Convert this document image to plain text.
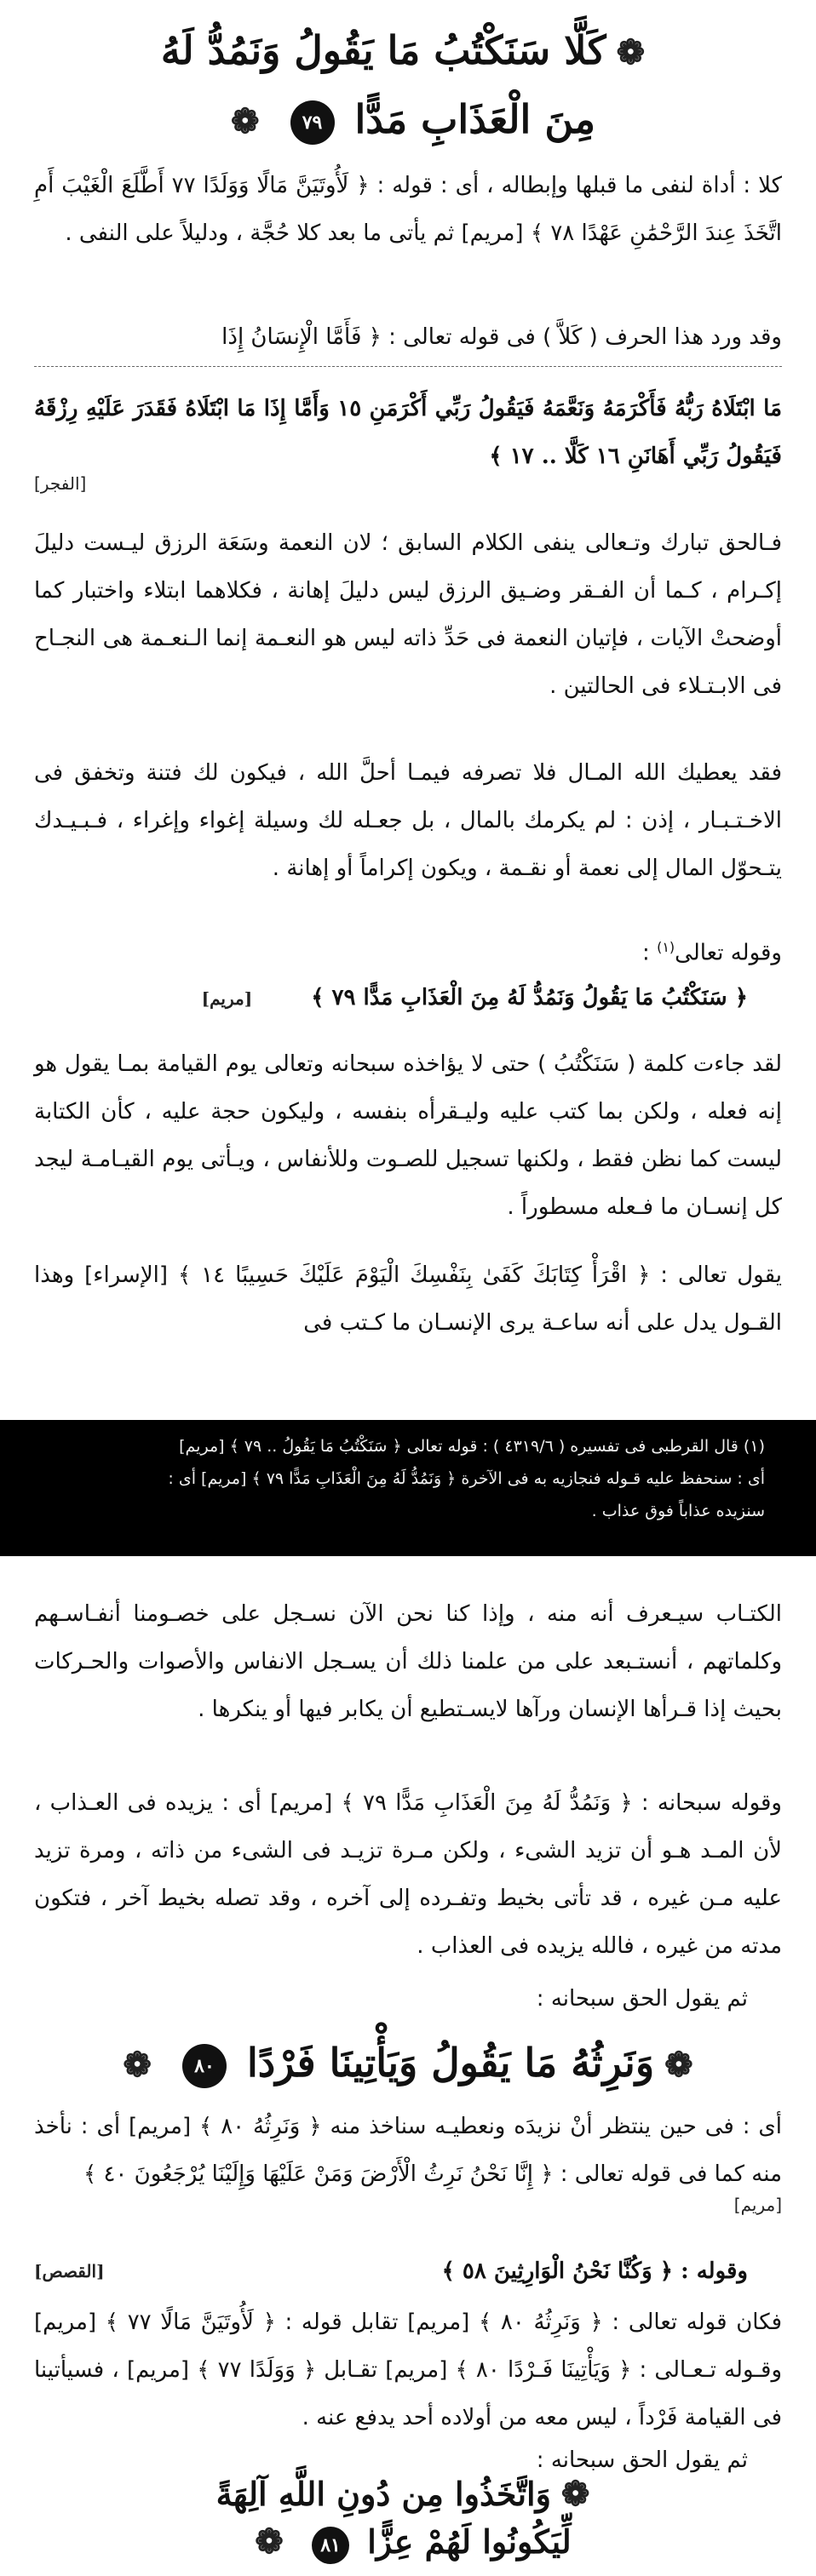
❁كَلَّا سَنَكْتُبُ مَا يَقُولُ وَنَمُدُّ لَهُ
مِنَ الْعَذَابِ مَدًّا ٧٩ ❁

كلا : أداة لنفى ما قبلها وإبطاله ، أى : قوله : ﴿ لَأُوتَيَنَّ مَالًا وَوَلَدًا ٧٧ أَطَّلَعَ الْغَيْبَ أَمِ اتَّخَذَ عِندَ الرَّحْمَٰنِ عَهْدًا ٧٨ ﴾ [مريم] ثم يأتى ما بعد كلا حُجَّة ، ودليلاً على النفى .

وقد ورد هذا الحرف ( كَلاَّ ) فى قوله تعالى : ﴿ فَأَمَّا الْإِنسَانُ إِذَا

مَا ابْتَلَاهُ رَبُّهُ فَأَكْرَمَهُ وَنَعَّمَهُ فَيَقُولُ رَبِّي أَكْرَمَنِ ١٥ وَأَمَّا إِذَا مَا ابْتَلَاهُ فَقَدَرَ عَلَيْهِ رِزْقَهُ فَيَقُولُ رَبِّي أَهَانَنِ ١٦ كَلَّا .. ١٧ ﴾

[الفجر]

فـالحق تبارك وتـعالى ينفى الكلام السابق ؛ لان النعمة وسَعَة الرزق ليـست دليلَ إكـرام ، كـما أن الفـقر وضـيق الرزق ليس دليلَ إهانة ، فكلاهما ابتلاء واختبار كما أوضحتْ الآيات ، فإتيان النعمة فى حَدِّ ذاته ليس هو النعـمة إنما الـنعـمة هى النجـاح فى الابـتـلاء فى الحالتين .

فقد يعطيك الله المـال فلا تصرفه فيمـا أحلَّ الله ، فيكون لك فتنة وتخفق فى الاخـتـبـار ، إذن : لم يكرمك بالمال ، بل جعـله لك وسيلة إغواء وإغراء ، فـبـيـدك يتـحوّل المال إلى نعمة أو نقـمة ، ويكون إكراماً أو إهانة .

وقوله تعالى$^{(١)}$ :

﴿ سَنَكْتُبُ مَا يَقُولُ وَنَمُدُّ لَهُ مِنَ الْعَذَابِ مَدًّا ٧٩ ﴾ [مريم]

لقد جاءت كلمة ( سَنَكْتُبُ ) حتى لا يؤاخذه سبحانه وتعالى يوم القيامة بمـا يقول هو إنه فعله ، ولكن بما كتب عليه وليـقرأه بنفسه ، وليكون حجة عليه ، كأن الكتابة ليست كما نظن فقط ، ولكنها تسجيل للصـوت وللأنفاس ، ويـأتى يوم القيـامـة ليجد كل إنسـان ما فـعله مسطوراً .

يقول تعالى : ﴿ اقْرَأْ كِتَابَكَ كَفَىٰ بِنَفْسِكَ الْيَوْمَ عَلَيْكَ حَسِيبًا ١٤ ﴾ [الإسراء] وهذا القـول يدل على أنه ساعـة يرى الإنسـان ما كـتب فى

(١) قال القرطبى فى تفسيره ( ٤٣١٩/٦ ) : قوله تعالى ﴿ سَنَكْتُبُ مَا يَقُولُ .. ٧٩ ﴾ [مريم]

أى : سنحفظ عليه قـوله فنجازيه به فى الآخرة ﴿ وَنَمُدُّ لَهُ مِنَ الْعَذَابِ مَدًّا ٧٩ ﴾ [مريم] أى :

سنزيده عذاباً فوق عذاب .

الكتـاب سيـعرف أنه منه ، وإذا كنا نحن الآن نسـجل على خصـومنا أنفـاسـهم وكلماتهم ، أنستـبعد على من علمنا ذلك أن يسـجل الانفاس والأصوات والحـركات بحيث إذا قـرأها الإنسان ورآها لايسـتطيع أن يكابر فيها أو ينكرها .

وقوله سبحانه : ﴿ وَنَمُدُّ لَهُ مِنَ الْعَذَابِ مَدًّا ٧٩ ﴾ [مريم] أى : يزيده فى العـذاب ، لأن المـد هـو أن تزيد الشىء ، ولكن مـرة تزيـد فى الشىء من ذاته ، ومرة تزيد عليه مـن غيره ، قد تأتى بخيط وتفـرده إلى آخره ، وقد تصله بخيط آخر ، فتكون مدته من غيره ، فالله يزيده فى العذاب .

ثم يقول الحق سبحانه :

❁وَنَرِثُهُ مَا يَقُولُ وَيَأْتِينَا فَرْدًا ٨٠ ❁

أى : فى حين ينتظر أنْ نزيدَه ونعطيـه سناخذ منه ﴿ وَنَرِثُهُ ٨٠ ﴾ [مريم] أى : نأخذ منه كما فى قوله تعالى : ﴿ إِنَّا نَحْنُ نَرِثُ الْأَرْضَ وَمَنْ عَلَيْهَا وَإِلَيْنَا يُرْجَعُونَ ٤٠ ﴾

[مريم]

وقوله : ﴿ وَكُنَّا نَحْنُ الْوَارِثِينَ ٥٨ ﴾
[القصص]

فكان قوله تعالى : ﴿ وَنَرِثُهُ ٨٠ ﴾ [مريم] تقابل قوله : ﴿ لَأُوتَيَنَّ مَالًا ٧٧ ﴾ [مريم] وقـوله تـعـالى : ﴿ وَيَأْتِينَا فَـرْدًا ٨٠ ﴾ [مريم] تقـابل ﴿ وَوَلَدًا ٧٧ ﴾ [مريم] ، فسيأتينا فى القيامة فَرْداً ، ليس معه من أولاده أحد يدفع عنه .

ثم يقول الحق سبحانه :

❁وَاتَّخَذُوا مِن دُونِ اللَّهِ آلِهَةً
لِّيَكُونُوا لَهُمْ عِزًّا ٨١ ❁
